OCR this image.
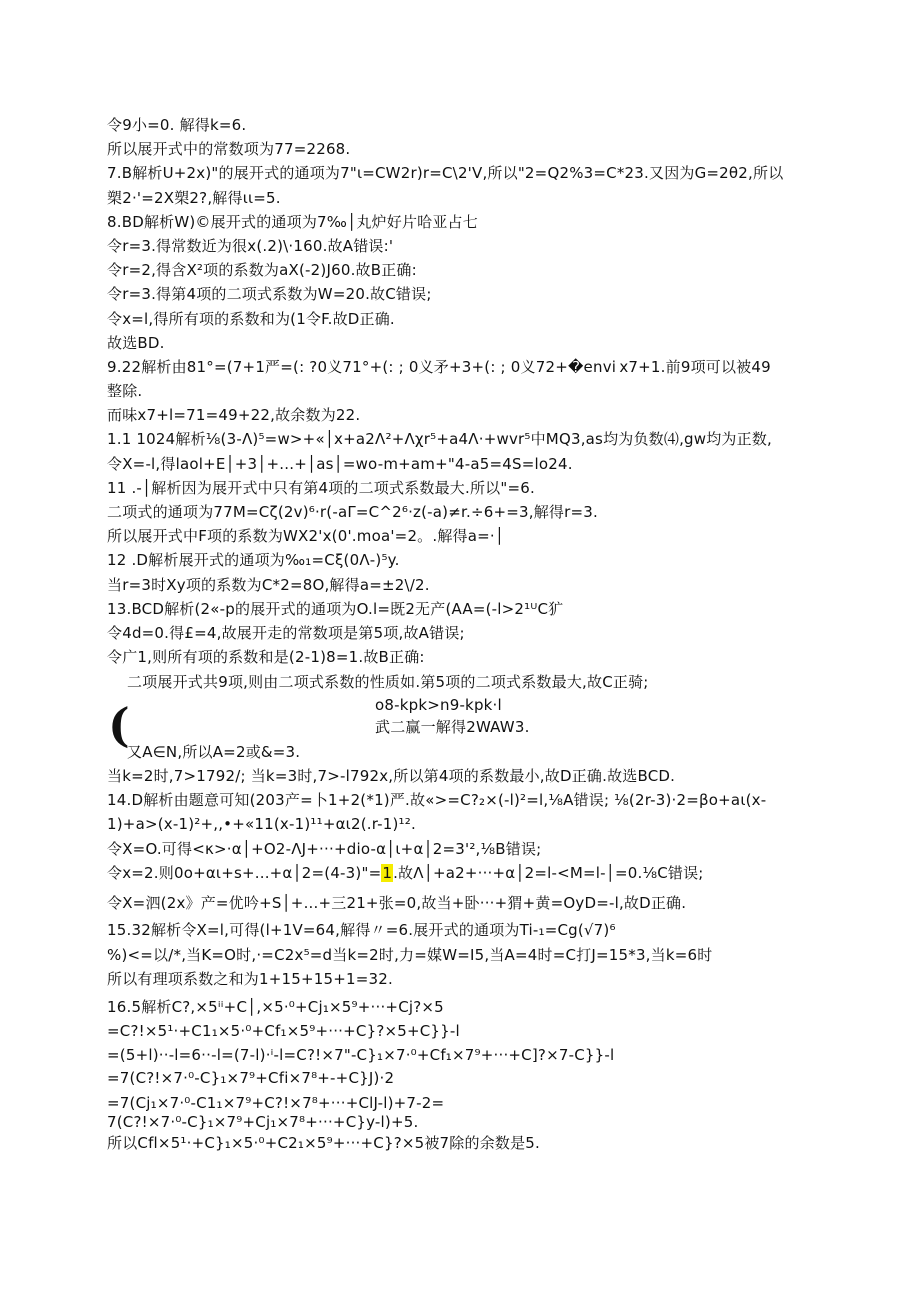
令9小=0. 解得k=6.
所以展开式中的常数项为77=2268.
7.B解析U+2x)"的展开式的通项为7"ι=CW2r)r=C\2'V,所以"2=Q2%3=C*23.又因为G=2θ2,所以
槊2·'=2X槊2?,解得ιι=5.
8.BD解析W)©展开式的通项为7‰│丸炉好片哈亚占七
令r=3.得常数近为很x(.2)\·160.故A错误:'
令r=2,得含X²项的系数为aX(-2)J60.故B正确:
令r=3.得第4项的二项式系数为W=20.故C错误;
令x=l,得所有项的系数和为(1令F.故D正确.
故选BD.
9.22解析由81°=(7+1严=(: ?0义71°+(: ; 0义矛+3+(: ; 0义72+�envi x7+1.前9项可以被49
整除.
而味x7+l=71=49+22,故余数为22.
1.1 1024解析⅛(3-Λ)⁵=w>+«│x+a2Λ²+Λχr⁵+a4Λ·+wvr⁵中MQ3,as均为负数⑷,gw均为正数,
令X=-l,得laol+E│+3│+...+│as│=wo-m+am+"4-a5=4S=lo24.
11 .-│解析因为展开式中只有第4项的二项式系数最大.所以"=6.
二项式的通项为77M=Cζ(2v)⁶·r(-aΓ=C^2⁶·z(-a)≠r.÷6+=3,解得r=3.
所以展开式中F项的系数为WX2'x(0'.moa'=2。.解得a=·│
12 .D解析展开式的通项为‰₁=Cξ(0Λ-)⁵y.
当r=3时Xy项的系数为C*2=8O,解得a=±2\/2.
13.BCD解析(2«-p的展开式的通项为O.l=既2无产(AA=(-l>2¹ᵁC犷
令4d=0.得£=4,故展开走的常数项是第5项,故A错误;
令广1,则所有项的系数和是(2-1)8=1.故B正确:
二项展开式共9项,则由二项式系数的性质如.第5项的二项式系数最大,故C正骑;
(	o8-kpk>n9-kpk·l
武二赢一解得2WAW3.
又A∈N,所以A=2或&=3.
当k=2时,7>1792/; 当k=3时,7>-l792x,所以第4项的系数最小,故D正确.故选BCD.
14.D解析由题意可知(203产=卜1+2(*1)严.故«>=C?₂×(-l)²=l,⅛A错误; ⅛(2r-3)·2=βo+aι(x-
1)+a>(x-1)²+,,•+«11(x-1)¹¹+αι2(.r-1)¹².
令X=O.可得<κ>·α│+O2-ΛJ+···+dio-α│ι+α│2=3'²,⅛B错误;
令x=2.则0o+αι+s+...+α│2=(4-3)"=1.故Λ│+a2+···+α│2=l-<M=l-│=0.⅛C错误;
令X=泗(2x》产=优吟+S│+...+三21+张=0,故当+卧···+猬+黄=OyD=-l,故D正确.
15.32解析令X=l,可得(l+1V=64,解得〃=6.展开式的通项为Ti-₁=Cg(√7)⁶
%)<=以/*,当K=O时,·=C2x⁵=d当k=2时,力=媒W=I5,当A=4时=C打J=15*3,当k=6时
所以有理项系数之和为1+15+15+1=32.
16.5解析C?,×5ⁱⁱ+C│,×5·⁰+Cj₁×5⁹+···+Cj?×5
=C?!×5¹·+C1₁×5·⁰+Cf₁×5⁹+···+C}?×5+C}}-l
=(5+l)··-l=6··-l=(7-l)·ⁱ-l=C?!×7"-C}₁×7·⁰+Cf₁×7⁹+···+C]?×7-C}}-l
=7(C?!×7·⁰-C}₁×7⁹+Cfi×7⁸+-+C}J)·2
=7(Cj₁×7·⁰-C1₁×7⁹+C?!×7⁸+···+ClJ-l)+7-2=
7(C?!×7·⁰-C}₁×7⁹+Cj₁×7⁸+···+C}y-l)+5.
所以Cfl×5¹·+C}₁×5·⁰+C2₁×5⁹+···+C}?×5被7除的余数是5.
